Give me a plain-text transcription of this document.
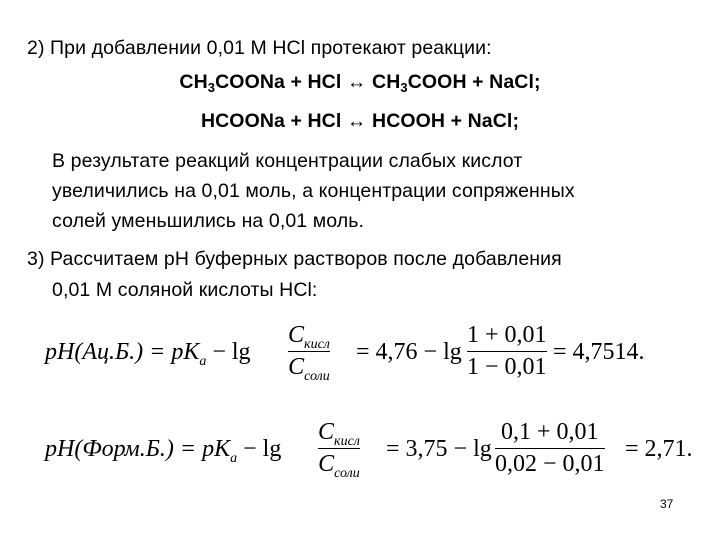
2) При добавлении 0,01 М HCl протекают реакции:
$CH_3COONa$ + HCl ↔ $CH_3COOH$ + NaCl;
HCOONa + HCl ↔ HCOOH + NaCl;
В результате реакций концентрации слабых кислот
увеличились на 0,01 моль, а концентрации сопряженных
солей уменьшились на 0,01 моль.
3) Рассчитаем pH буферных растворов после добавления
0,01 М соляной кислоты HCl:
$pH(Ац.Б.) = pK_a - \lg$
$C_{кисл}$
$C_{соли}$
= 4,76 − lg
1 + 0,01
1 − 0,01
= 4,7514.
pH(Форм.Б.) = $pK_a - \lg$
$C_{кисл}$
$C_{соли}$
= 3,75 − lg
0,1 + 0,01
0,02 − 0,01
= 2,71.
37
